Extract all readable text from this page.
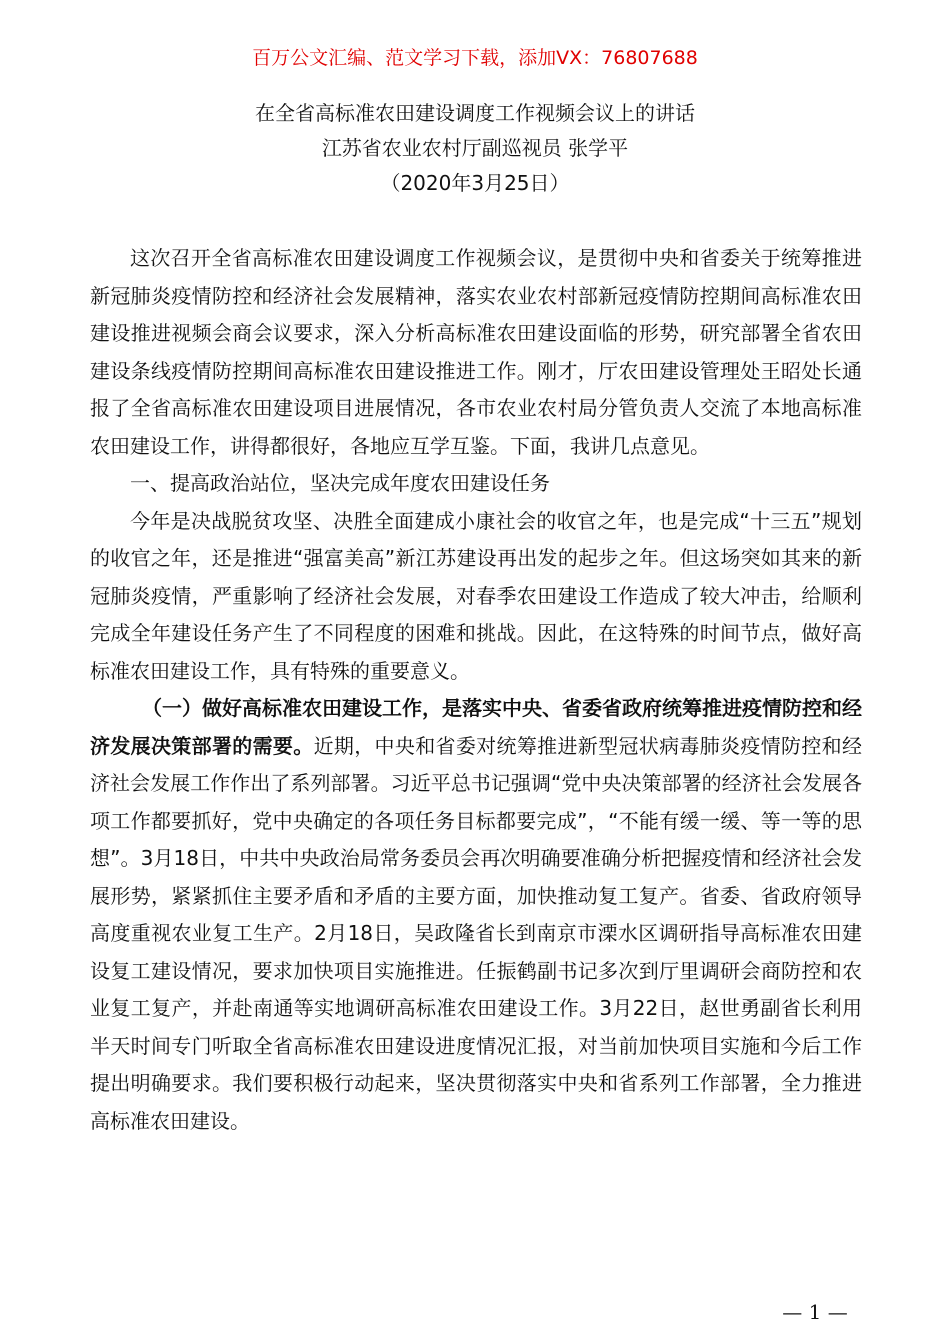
百万公文汇编、范文学习下载，添加VX：76807688

在全省高标准农田建设调度工作视频会议上的讲话

江苏省农业农村厅副巡视员 张学平

（2020年3月25日）

这次召开全省高标准农田建设调度工作视频会议，是贯彻中央和省委关于统筹推进新冠肺炎疫情防控和经济社会发展精神，落实农业农村部新冠疫情防控期间高标准农田建设推进视频会商会议要求，深入分析高标准农田建设面临的形势，研究部署全省农田建设条线疫情防控期间高标准农田建设推进工作。刚才，厅农田建设管理处王昭处长通报了全省高标准农田建设项目进展情况，各市农业农村局分管负责人交流了本地高标准农田建设工作，讲得都很好，各地应互学互鉴。下面，我讲几点意见。

一、提高政治站位，坚决完成年度农田建设任务

今年是决战脱贫攻坚、决胜全面建成小康社会的收官之年，也是完成“十三五”规划的收官之年，还是推进“强富美高”新江苏建设再出发的起步之年。但这场突如其来的新冠肺炎疫情，严重影响了经济社会发展，对春季农田建设工作造成了较大冲击，给顺利完成全年建设任务产生了不同程度的困难和挑战。因此，在这特殊的时间节点，做好高标准农田建设工作，具有特殊的重要意义。

（一）做好高标准农田建设工作，是落实中央、省委省政府统筹推进疫情防控和经济发展决策部署的需要。近期，中央和省委对统筹推进新型冠状病毒肺炎疫情防控和经济社会发展工作作出了系列部署。习近平总书记强调“党中央决策部署的经济社会发展各项工作都要抓好，党中央确定的各项任务目标都要完成”，“不能有缓一缓、等一等的思想”。3月18日，中共中央政治局常务委员会再次明确要准确分析把握疫情和经济社会发展形势，紧紧抓住主要矛盾和矛盾的主要方面，加快推动复工复产。省委、省政府领导高度重视农业复工生产。2月18日，吴政隆省长到南京市溧水区调研指导高标准农田建设复工建设情况，要求加快项目实施推进。任振鹤副书记多次到厅里调研会商防控和农业复工复产，并赴南通等实地调研高标准农田建设工作。3月22日，赵世勇副省长利用半天时间专门听取全省高标准农田建设进度情况汇报，对当前加快项目实施和今后工作提出明确要求。我们要积极行动起来，坚决贯彻落实中央和省系列工作部署，全力推进高标准农田建设。

— 1 —
